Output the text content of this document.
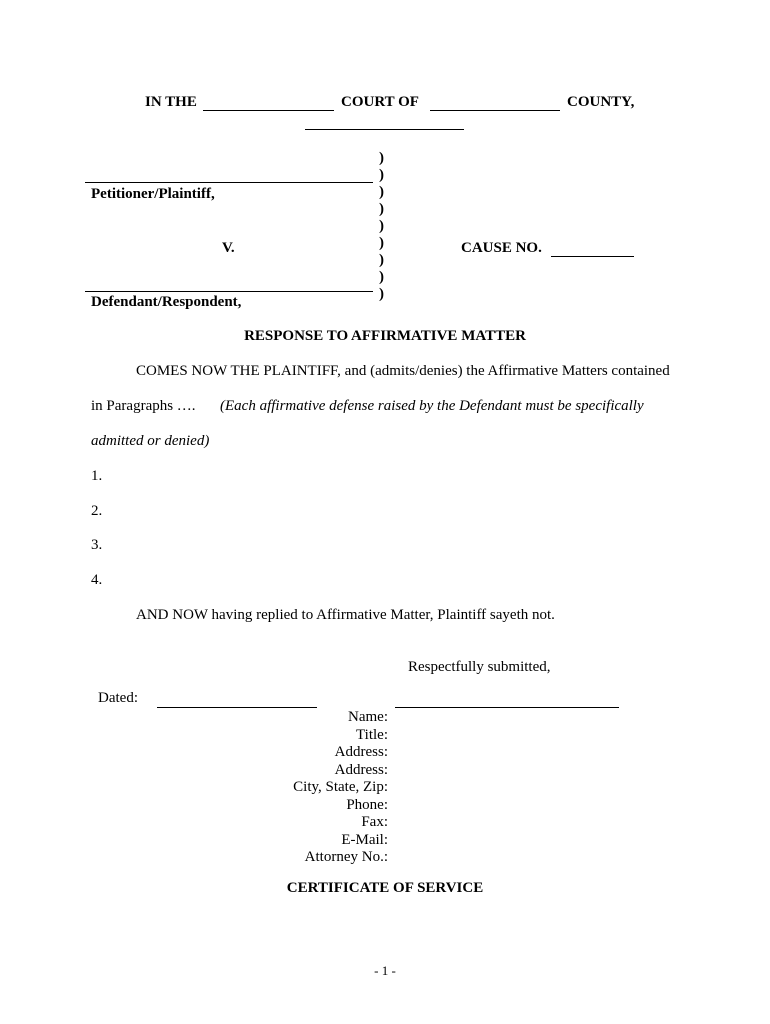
IN THE	COURT OF	COUNTY,
Petitioner/Plaintiff,
V.
Defendant/Respondent,
)
)
)
)
)
)
)
)
)
CAUSE NO.
RESPONSE TO AFFIRMATIVE MATTER
COMES NOW THE PLAINTIFF, and (admits/denies) the Affirmative Matters contained
in Paragraphs …. (Each affirmative defense raised by the Defendant must be specifically
admitted or denied)
1.
2.
3.
4.
AND NOW having replied to Affirmative Matter, Plaintiff sayeth not.
Respectfully submitted,
Dated:
Name:
Title:
Address:
Address:
City, State, Zip:
Phone:
Fax:
E-Mail:
Attorney No.:
CERTIFICATE OF SERVICE
- 1 -
